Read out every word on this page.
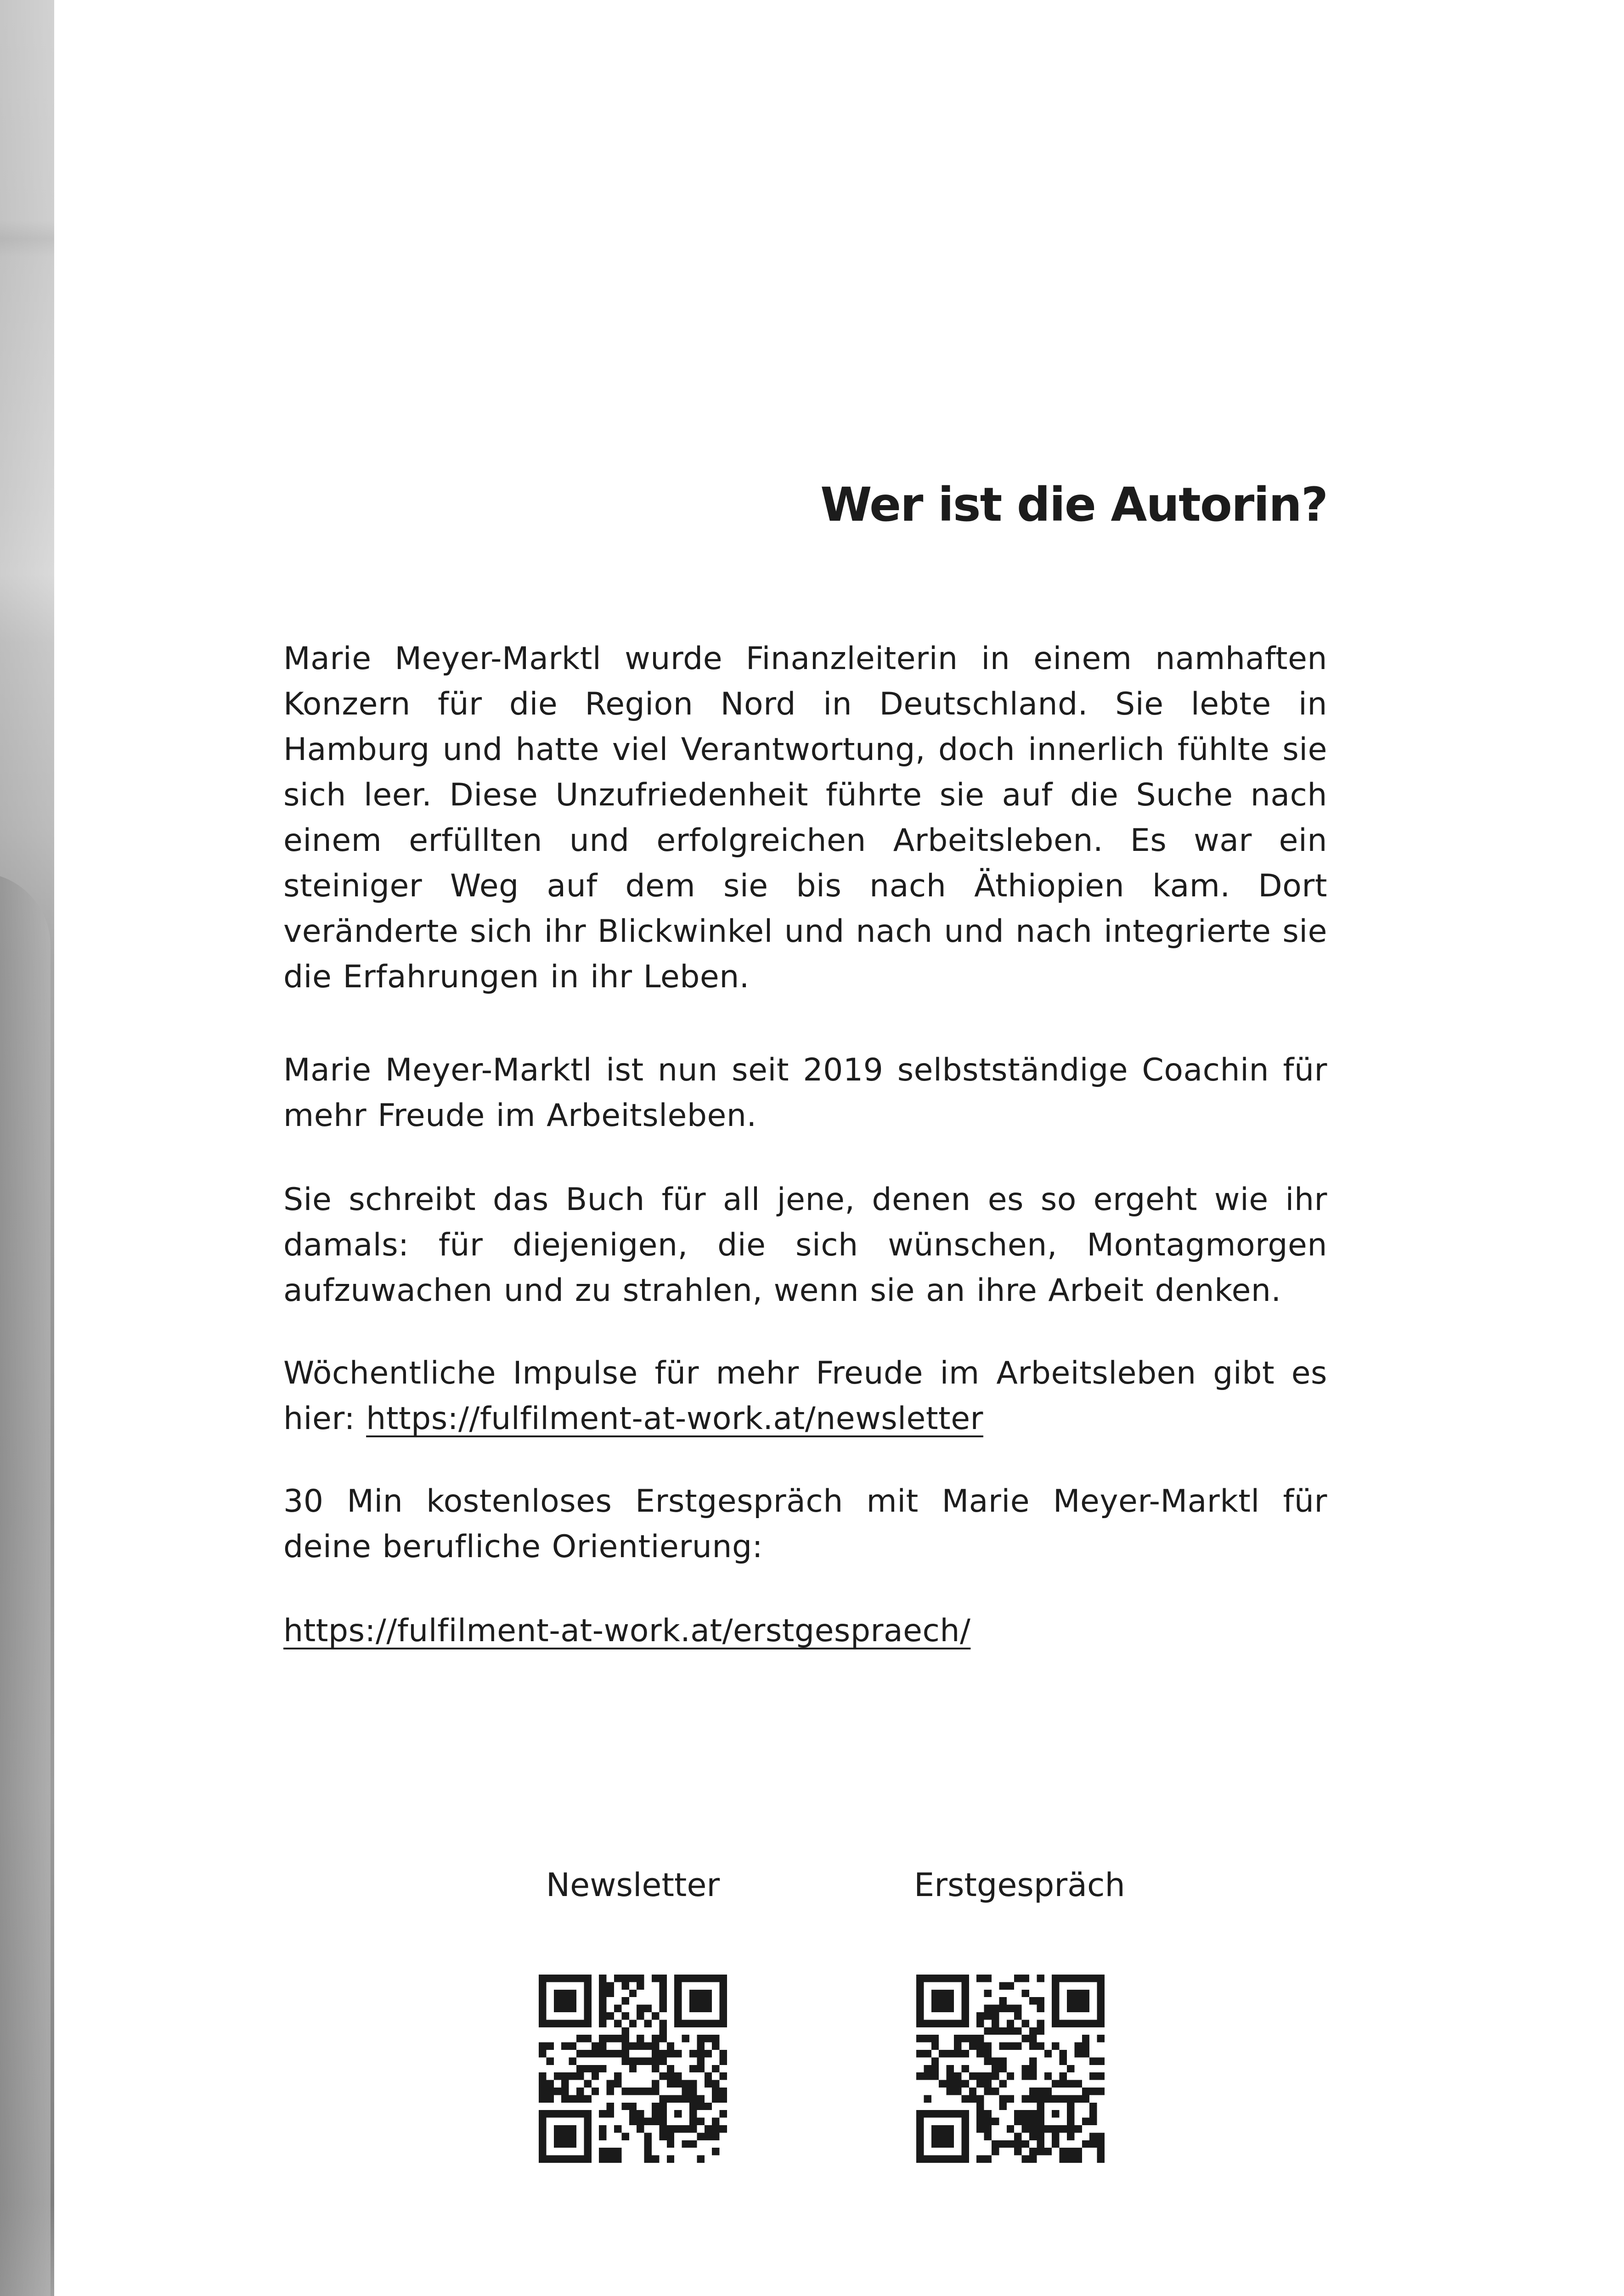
Wer ist die Autorin?

Marie Meyer-Marktl wurde Finanzleiterin in einem namhaften Konzern für die Region Nord in Deutschland. Sie lebte in Hamburg und hatte viel Verantwortung, doch innerlich fühlte sie sich leer. Diese Unzufriedenheit führte sie auf die Suche nach einem erfüllten und erfolgreichen Arbeitsleben. Es war ein steiniger Weg auf dem sie bis nach Äthiopien kam. Dort veränderte sich ihr Blickwinkel und nach und nach integrierte sie die Erfahrungen in ihr Leben.

Marie Meyer-Marktl ist nun seit 2019 selbstständige Coachin für mehr Freude im Arbeitsleben.

Sie schreibt das Buch für all jene, denen es so ergeht wie ihr damals: für diejenigen, die sich wünschen, Montagmorgen aufzuwachen und zu strahlen, wenn sie an ihre Arbeit denken.

Wöchentliche Impulse für mehr Freude im Arbeitsleben gibt es hier: https://fulfilment-at-work.at/newsletter

30 Min kostenloses Erstgespräch mit Marie Meyer-Marktl für deine berufliche Orientierung:

https://fulfilment-at-work.at/erstgespraech/

Newsletter	Erstgespräch
